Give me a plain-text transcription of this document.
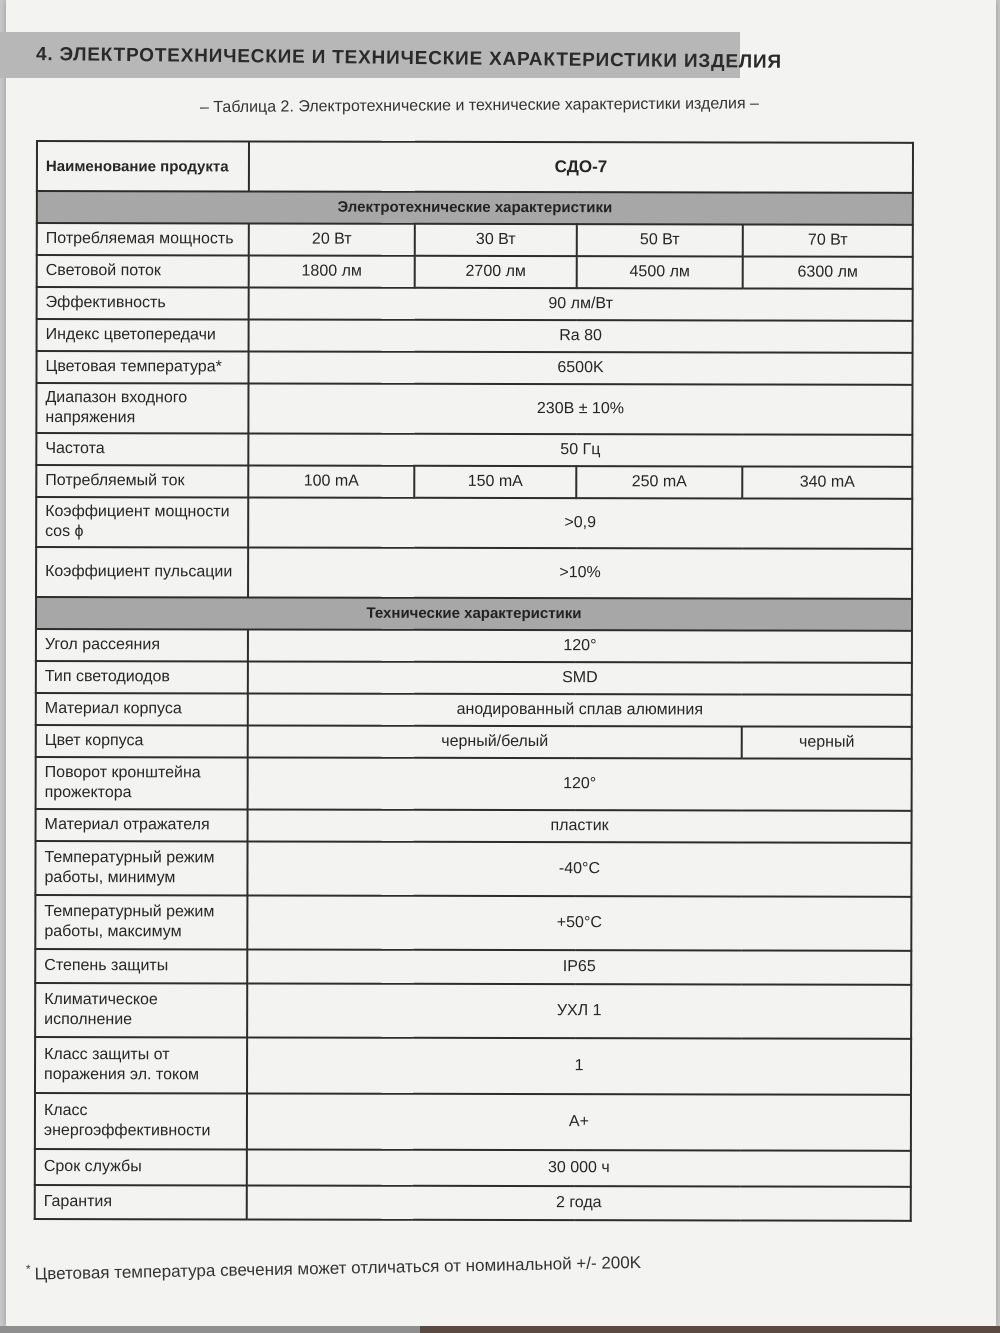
4. ЭЛЕКТРОТЕХНИЧЕСКИЕ И ТЕХНИЧЕСКИЕ ХАРАКТЕРИСТИКИ ИЗДЕЛИЯ
– Таблица 2. Электротехнические и технические характеристики изделия –
Наименование продукта	СДО-7			
Электротехнические характеристики				
Потребляемая мощность	20 Вт	30 Вт	50 Вт	70 Вт
Световой поток	1800 лм	2700 лм	4500 лм	6300 лм
Эффективность	90 лм/Вт			
Индекс цветопередачи	Ra 80			
Цветовая температура*	6500K			
Диапазон входного напряжения	230В ± 10%			
Частота	50 Гц			
Потребляемый ток	100 mA	150 mA	250 mA	340 mA
Коэффициент мощности cos ϕ	>0,9			
Коэффициент пульсации	>10%			
Технические характеристики				
Угол рассеяния	120°			
Тип светодиодов	SMD			
Материал корпуса	анодированный сплав алюминия			
Цвет корпуса	черный/белый			черный
Поворот кронштейна прожектора	120°			
Материал отражателя	пластик			
Температурный режим работы, минимум	-40°C			
Температурный режим работы, максимум	+50°C			
Степень защиты	IP65			
Климатическое исполнение	УХЛ 1			
Класс защиты от поражения эл. током	1			
Класс энергоэффективности	А+			
Срок службы	30 000 ч			
Гарантия	2 года			
* Цветовая температура свечения может отличаться от номинальной +/- 200K
